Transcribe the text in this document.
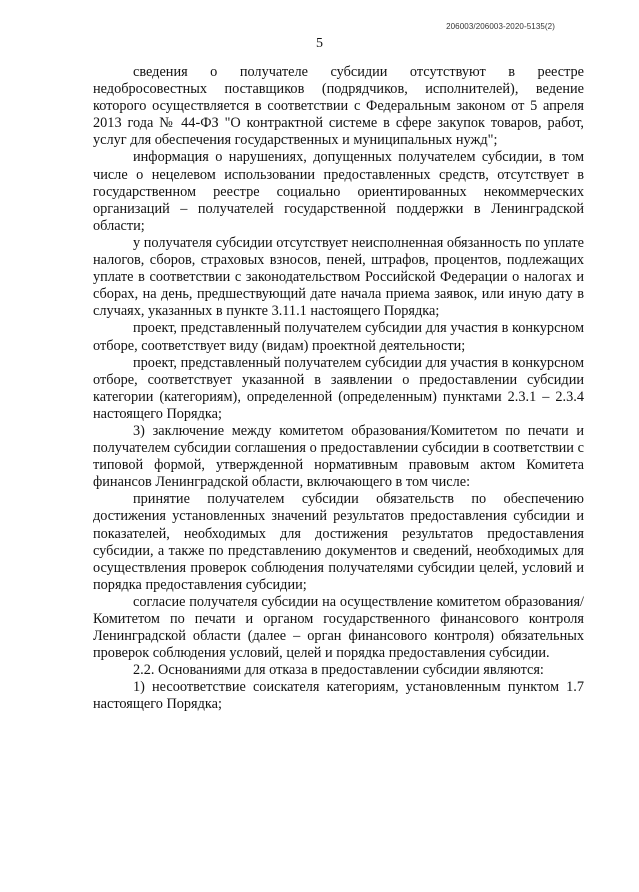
206003/206003-2020-5135(2)
5

сведения о получателе субсидии отсутствуют в реестре недобросовестных поставщиков (подрядчиков, исполнителей), ведение которого осуществляется в соответствии с Федеральным законом от 5 апреля 2013 года № 44-ФЗ "О контрактной системе в сфере закупок товаров, работ, услуг для обеспечения государственных и муниципальных нужд";

информация о нарушениях, допущенных получателем субсидии, в том числе о нецелевом использовании предоставленных средств, отсутствует в государственном реестре социально ориентированных некоммерческих организаций – получателей государственной поддержки в Ленинградской области;

у получателя субсидии отсутствует неисполненная обязанность по уплате налогов, сборов, страховых взносов, пеней, штрафов, процентов, подлежащих уплате в соответствии с законодательством Российской Федерации о налогах и сборах, на день, предшествующий дате начала приема заявок, или иную дату в случаях, указанных в пункте 3.11.1 настоящего Порядка;

проект, представленный получателем субсидии для участия в конкурсном отборе, соответствует виду (видам) проектной деятельности;

проект, представленный получателем субсидии для участия в конкурсном отборе, соответствует указанной в заявлении о предоставлении субсидии категории (категориям), определенной (определенным) пунктами 2.3.1 – 2.3.4 настоящего Порядка;

3) заключение между комитетом образования/Комитетом по печати и получателем субсидии соглашения о предоставлении субсидии в соответствии с типовой формой, утвержденной нормативным правовым актом Комитета финансов Ленинградской области, включающего в том числе:

принятие получателем субсидии обязательств по обеспечению достижения установленных значений результатов предоставления субсидии и показателей, необходимых для достижения результатов предоставления субсидии, а также по представлению документов и сведений, необходимых для осуществления проверок соблюдения получателями субсидии целей, условий и порядка предоставления субсидии;

согласие получателя субсидии на осуществление комитетом образования/Комитетом по печати и органом государственного финансового контроля Ленинградской области (далее – орган финансового контроля) обязательных проверок соблюдения условий, целей и порядка предоставления субсидии.

2.2. Основаниями для отказа в предоставлении субсидии являются:

1) несоответствие соискателя категориям, установленным пунктом 1.7 настоящего Порядка;
